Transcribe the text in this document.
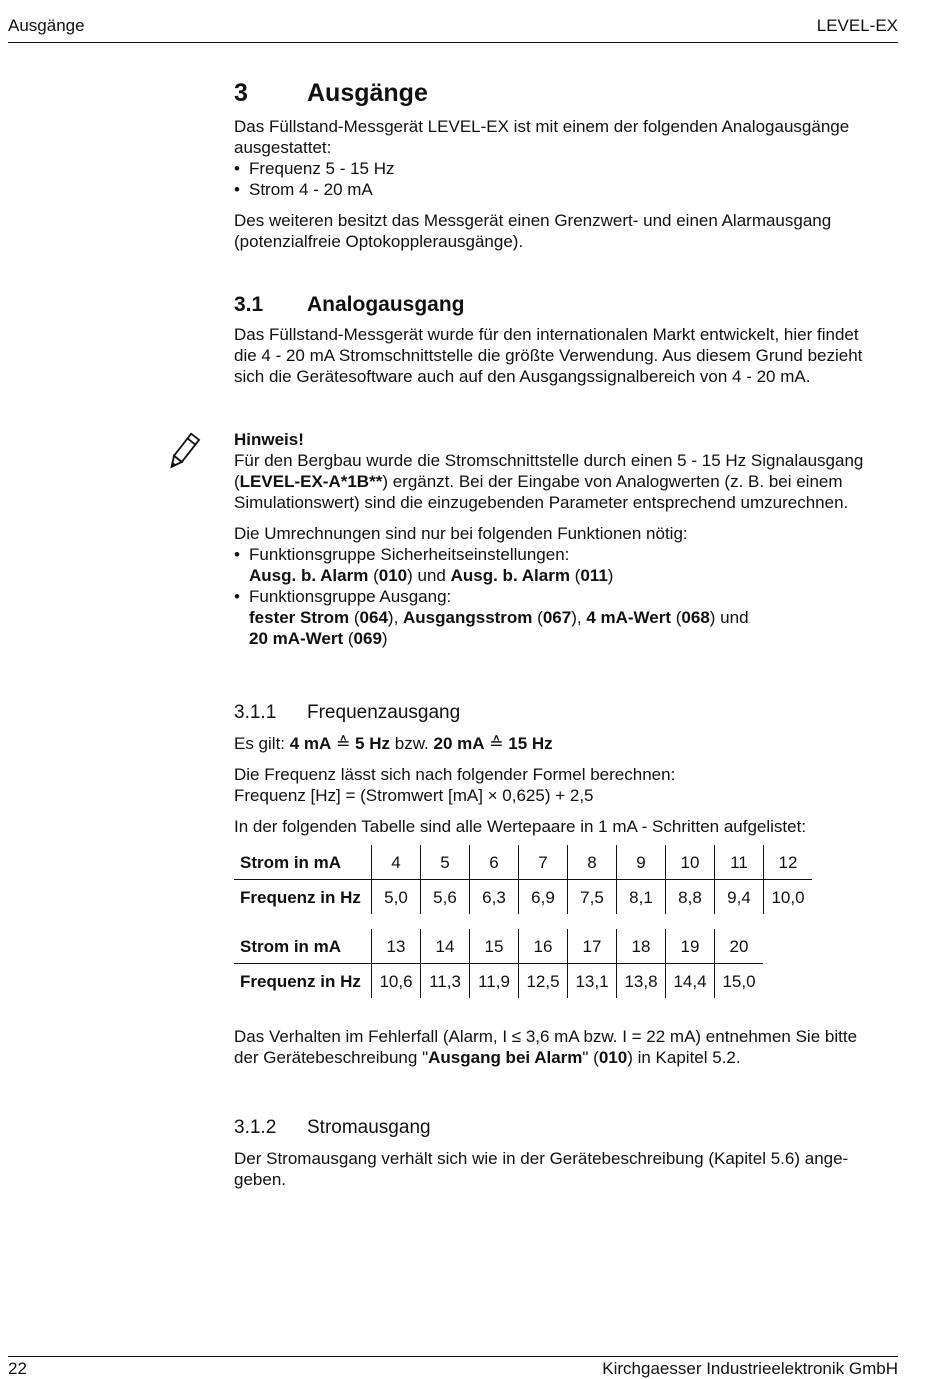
Ausgänge	LEVEL-EX

3 Ausgänge

Das Füllstand-Messgerät LEVEL-EX ist mit einem der folgenden Analogausgänge ausgestattet:

• Frequenz 5 - 15 Hz
• Strom 4 - 20 mA

Des weiteren besitzt das Messgerät einen Grenzwert- und einen Alarmausgang (potenzialfreie Optokopplerausgänge).

3.1 Analogausgang

Das Füllstand-Messgerät wurde für den internationalen Markt entwickelt, hier findet die 4 - 20 mA Stromschnittstelle die größte Verwendung. Aus diesem Grund bezieht sich die Gerätesoftware auch auf den Ausgangssignalbereich von 4 - 20 mA.

Hinweis!

Für den Bergbau wurde die Stromschnittstelle durch einen 5 - 15 Hz Signalausgang (LEVEL-EX-A*1B**) ergänzt. Bei der Eingabe von Analogwerten (z. B. bei einem Simulationswert) sind die einzugebenden Parameter entsprechend umzurechnen.

Die Umrechnungen sind nur bei folgenden Funktionen nötig:

• Funktionsgruppe Sicherheitseinstellungen:
Ausg. b. Alarm (010) und Ausg. b. Alarm (011)
• Funktionsgruppe Ausgang:
fester Strom (064), Ausgangsstrom (067), 4 mA-Wert (068) und
20 mA-Wert (069)

3.1.1 Frequenzausgang

Es gilt: 4 mA ≙ 5 Hz bzw. 20 mA ≙ 15 Hz

Die Frequenz lässt sich nach folgender Formel berechnen:

Frequenz [Hz] = (Stromwert [mA] × 0,625) + 2,5

In der folgenden Tabelle sind alle Wertepaare in 1 mA - Schritten aufgelistet:

Strom in mA	4	5	6	7	8	9	10	11	12
Frequenz in Hz	5,0	5,6	6,3	6,9	7,5	8,1	8,8	9,4	10,0
Strom in mA	13	14	15	16	17	18	19	20
Frequenz in Hz	10,6	11,3	11,9	12,5	13,1	13,8	14,4	15,0

Das Verhalten im Fehlerfall (Alarm, I ≤ 3,6 mA bzw. I = 22 mA) entnehmen Sie bitte der Gerätebeschreibung "Ausgang bei Alarm" (010) in Kapitel 5.2.

3.1.2 Stromausgang

Der Stromausgang verhält sich wie in der Gerätebeschreibung (Kapitel 5.6) ange-geben.

22	Kirchgaesser Industrieelektronik GmbH
